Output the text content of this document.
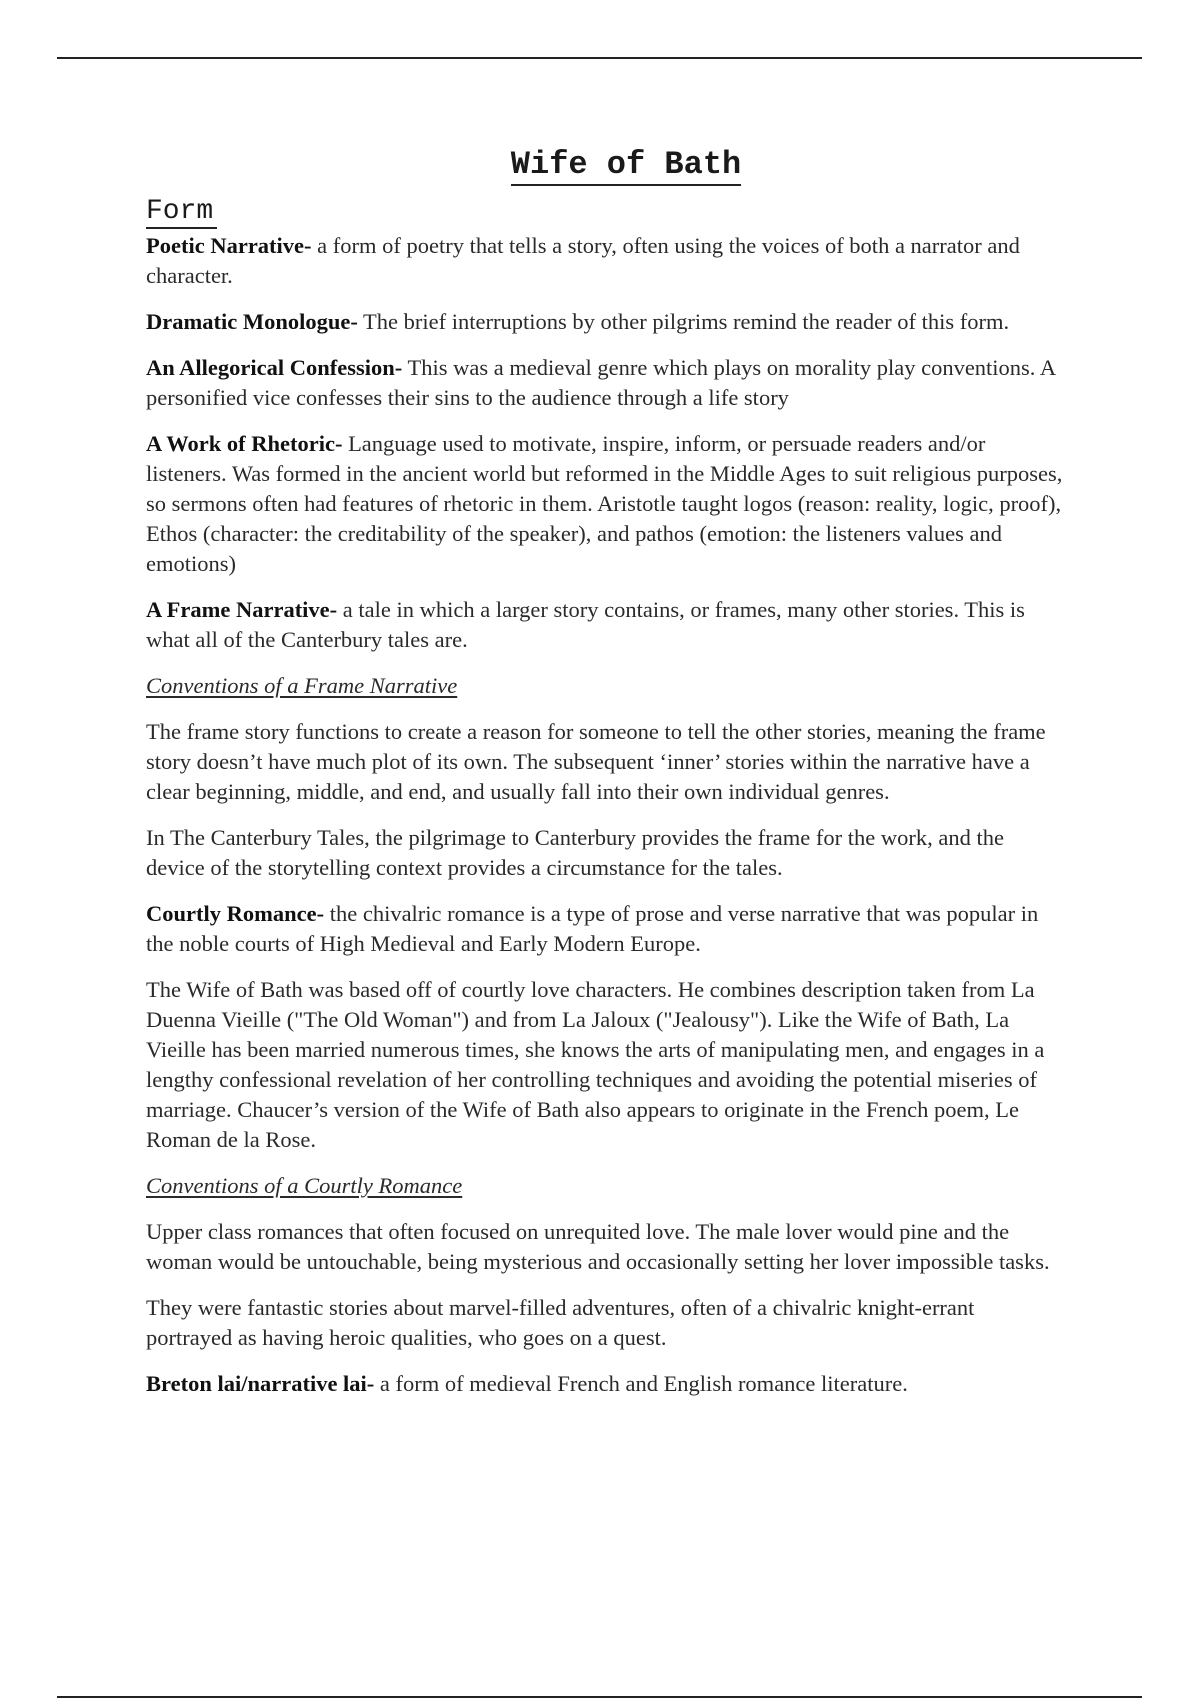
Wife of Bath
Form

Poetic Narrative- a form of poetry that tells a story, often using the voices of both a narrator and character.

Dramatic Monologue- The brief interruptions by other pilgrims remind the reader of this form.

An Allegorical Confession- This was a medieval genre which plays on morality play conventions. A personified vice confesses their sins to the audience through a life story

A Work of Rhetoric- Language used to motivate, inspire, inform, or persuade readers and/or listeners. Was formed in the ancient world but reformed in the Middle Ages to suit religious purposes, so sermons often had features of rhetoric in them. Aristotle taught logos (reason: reality, logic, proof), Ethos (character: the creditability of the speaker), and pathos (emotion: the listeners values and emotions)

A Frame Narrative- a tale in which a larger story contains, or frames, many other stories. This is what all of the Canterbury tales are.

Conventions of a Frame Narrative

The frame story functions to create a reason for someone to tell the other stories, meaning the frame story doesn’t have much plot of its own. The subsequent ‘inner’ stories within the narrative have a clear beginning, middle, and end, and usually fall into their own individual genres.

In The Canterbury Tales, the pilgrimage to Canterbury provides the frame for the work, and the device of the storytelling context provides a circumstance for the tales.

Courtly Romance- the chivalric romance is a type of prose and verse narrative that was popular in the noble courts of High Medieval and Early Modern Europe.

The Wife of Bath was based off of courtly love characters. He combines description taken from La Duenna Vieille ("The Old Woman") and from La Jaloux ("Jealousy"). Like the Wife of Bath, La Vieille has been married numerous times, she knows the arts of manipulating men, and engages in a lengthy confessional revelation of her controlling techniques and avoiding the potential miseries of marriage. Chaucer’s version of the Wife of Bath also appears to originate in the French poem, Le Roman de la Rose.

Conventions of a Courtly Romance

Upper class romances that often focused on unrequited love. The male lover would pine and the woman would be untouchable, being mysterious and occasionally setting her lover impossible tasks.

They were fantastic stories about marvel-filled adventures, often of a chivalric knight-errant portrayed as having heroic qualities, who goes on a quest.

Breton lai/narrative lai- a form of medieval French and English romance literature.
